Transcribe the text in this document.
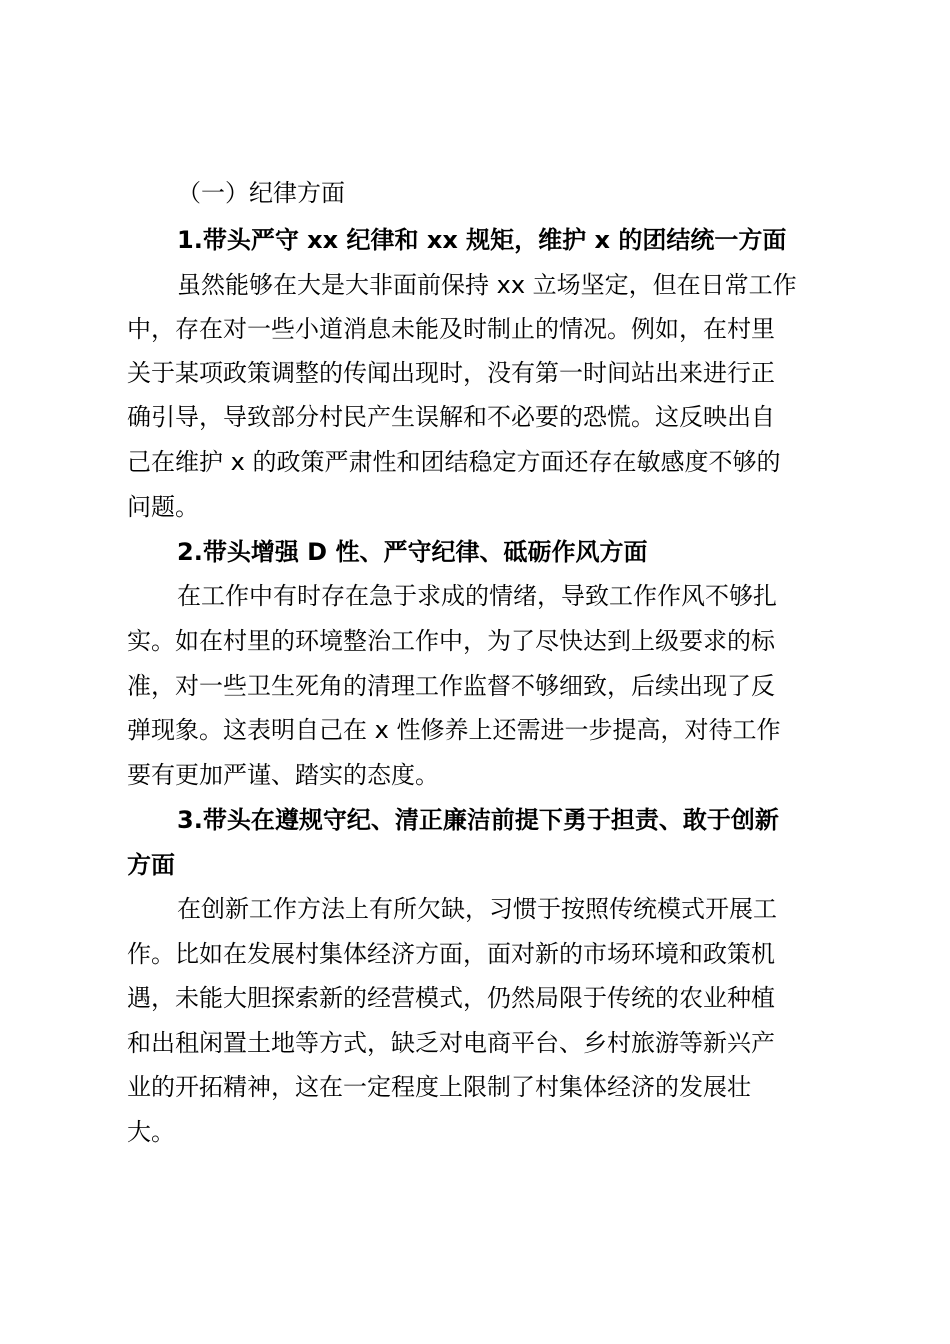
（一）纪律方面
1.带头严守 xx 纪律和 xx 规矩，维护 x 的团结统一方面
虽然能够在大是大非面前保持 xx 立场坚定，但在日常工作
中，存在对一些小道消息未能及时制止的情况。例如，在村里
关于某项政策调整的传闻出现时，没有第一时间站出来进行正
确引导，导致部分村民产生误解和不必要的恐慌。这反映出自
己在维护 x 的政策严肃性和团结稳定方面还存在敏感度不够的
问题。
2.带头增强 D 性、严守纪律、砥砺作风方面
在工作中有时存在急于求成的情绪，导致工作作风不够扎
实。如在村里的环境整治工作中，为了尽快达到上级要求的标
准，对一些卫生死角的清理工作监督不够细致，后续出现了反
弹现象。这表明自己在 x 性修养上还需进一步提高，对待工作
要有更加严谨、踏实的态度。
3.带头在遵规守纪、清正廉洁前提下勇于担责、敢于创新
方面
在创新工作方法上有所欠缺，习惯于按照传统模式开展工
作。比如在发展村集体经济方面，面对新的市场环境和政策机
遇，未能大胆探索新的经营模式，仍然局限于传统的农业种植
和出租闲置土地等方式，缺乏对电商平台、乡村旅游等新兴产
业的开拓精神，这在一定程度上限制了村集体经济的发展壮
大。
